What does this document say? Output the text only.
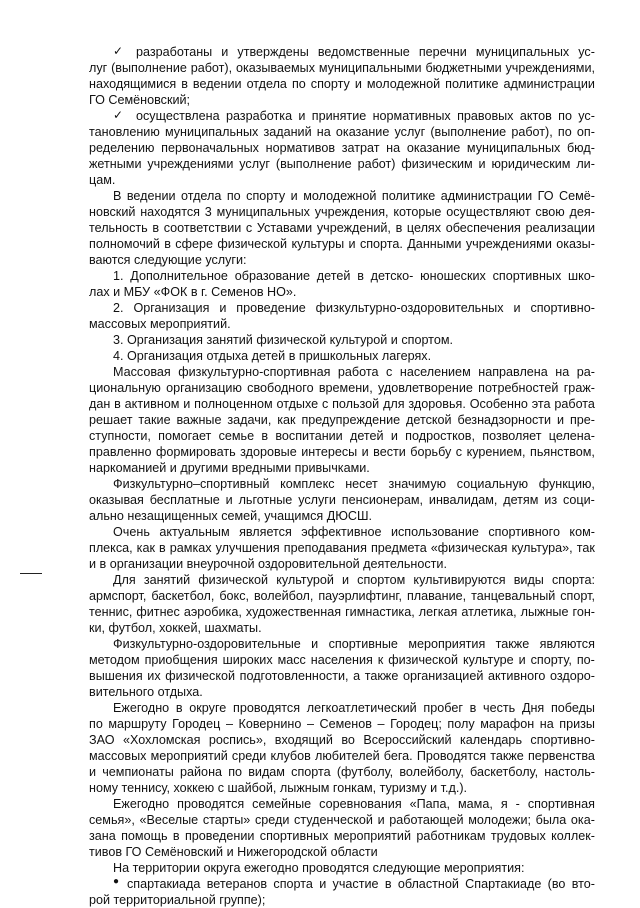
✓ разработаны и утверждены ведомственные перечни муниципальных ус-
луг (выполнение работ), оказываемых муниципальными бюджетными учреждениями,
находящимися в ведении отдела по спорту и молодежной политике администрации
ГО Семёновский;
✓ осуществлена разработка и принятие нормативных правовых актов по ус-
тановлению муниципальных заданий на оказание услуг (выполнение работ), по оп-
ределению первоначальных нормативов затрат на оказание муниципальных бюд-
жетными учреждениями услуг (выполнение работ) физическим и юридическим ли-
цам.
В ведении отдела по спорту и молодежной политике администрации ГО Семё-
новский находятся 3 муниципальных учреждения, которые осуществляют свою дея-
тельность в соответствии с Уставами учреждений, в целях обеспечения реализации
полномочий в сфере физической культуры и спорта. Данными учреждениями оказы-
ваются следующие услуги:
1. Дополнительное образование детей в детско- юношеских спортивных шко-
лах и МБУ «ФОК в г. Семенов НО».
2. Организация и проведение физкультурно-оздоровительных и спортивно-
массовых мероприятий.
3. Организация занятий физической культурой и спортом.
4. Организация отдыха детей в пришкольных лагерях.
Массовая физкультурно-спортивная работа с населением направлена на ра-
циональную организацию свободного времени, удовлетворение потребностей граж-
дан в активном и полноценном отдыхе с пользой для здоровья. Особенно эта работа
решает такие важные задачи, как предупреждение детской безнадзорности и пре-
ступности, помогает семье в воспитании детей и подростков, позволяет целена-
правленно формировать здоровые интересы и вести борьбу с курением, пьянством,
наркоманией и другими вредными привычками.
Физкультурно–спортивный комплекс несет значимую социальную функцию,
оказывая бесплатные и льготные услуги пенсионерам, инвалидам, детям из соци-
ально незащищенных семей, учащимся ДЮСШ.
Очень актуальным является эффективное использование спортивного ком-
плекса, как в рамках улучшения преподавания предмета «физическая культура», так
и в организации внеурочной оздоровительной деятельности.
Для занятий физической культурой и спортом культивируются виды спорта:
армспорт, баскетбол, бокс, волейбол, пауэрлифтинг, плавание, танцевальный спорт,
теннис, фитнес аэробика, художественная гимнастика, легкая атлетика, лыжные гон-
ки, футбол, хоккей, шахматы.
Физкультурно-оздоровительные и спортивные мероприятия также являются
методом приобщения широких масс населения к физической культуре и спорту, по-
вышения их физической подготовленности, а также организацией активного оздоро-
вительного отдыха.
Ежегодно в округе проводятся легкоатлетический пробег в честь Дня победы
по маршруту Городец – Ковернино – Семенов – Городец; полу марафон на призы
ЗАО «Хохломская роспись», входящий во Всероссийский календарь спортивно-
массовых мероприятий среди клубов любителей бега. Проводятся также первенства
и чемпионаты района по видам спорта (футболу, волейболу, баскетболу, настоль-
ному теннису, хоккею с шайбой, лыжным гонкам, туризму и т.д.).
Ежегодно проводятся семейные соревнования «Папа, мама, я - спортивная
семья», «Веселые старты» среди студенческой и работающей молодежи; была ока-
зана помощь в проведении спортивных мероприятий работникам трудовых коллек-
тивов ГО Семёновский и Нижегородской области
На территории округа ежегодно проводятся следующие мероприятия:
● спартакиада ветеранов спорта и участие в областной Спартакиаде (во вто-
рой территориальной группе);
